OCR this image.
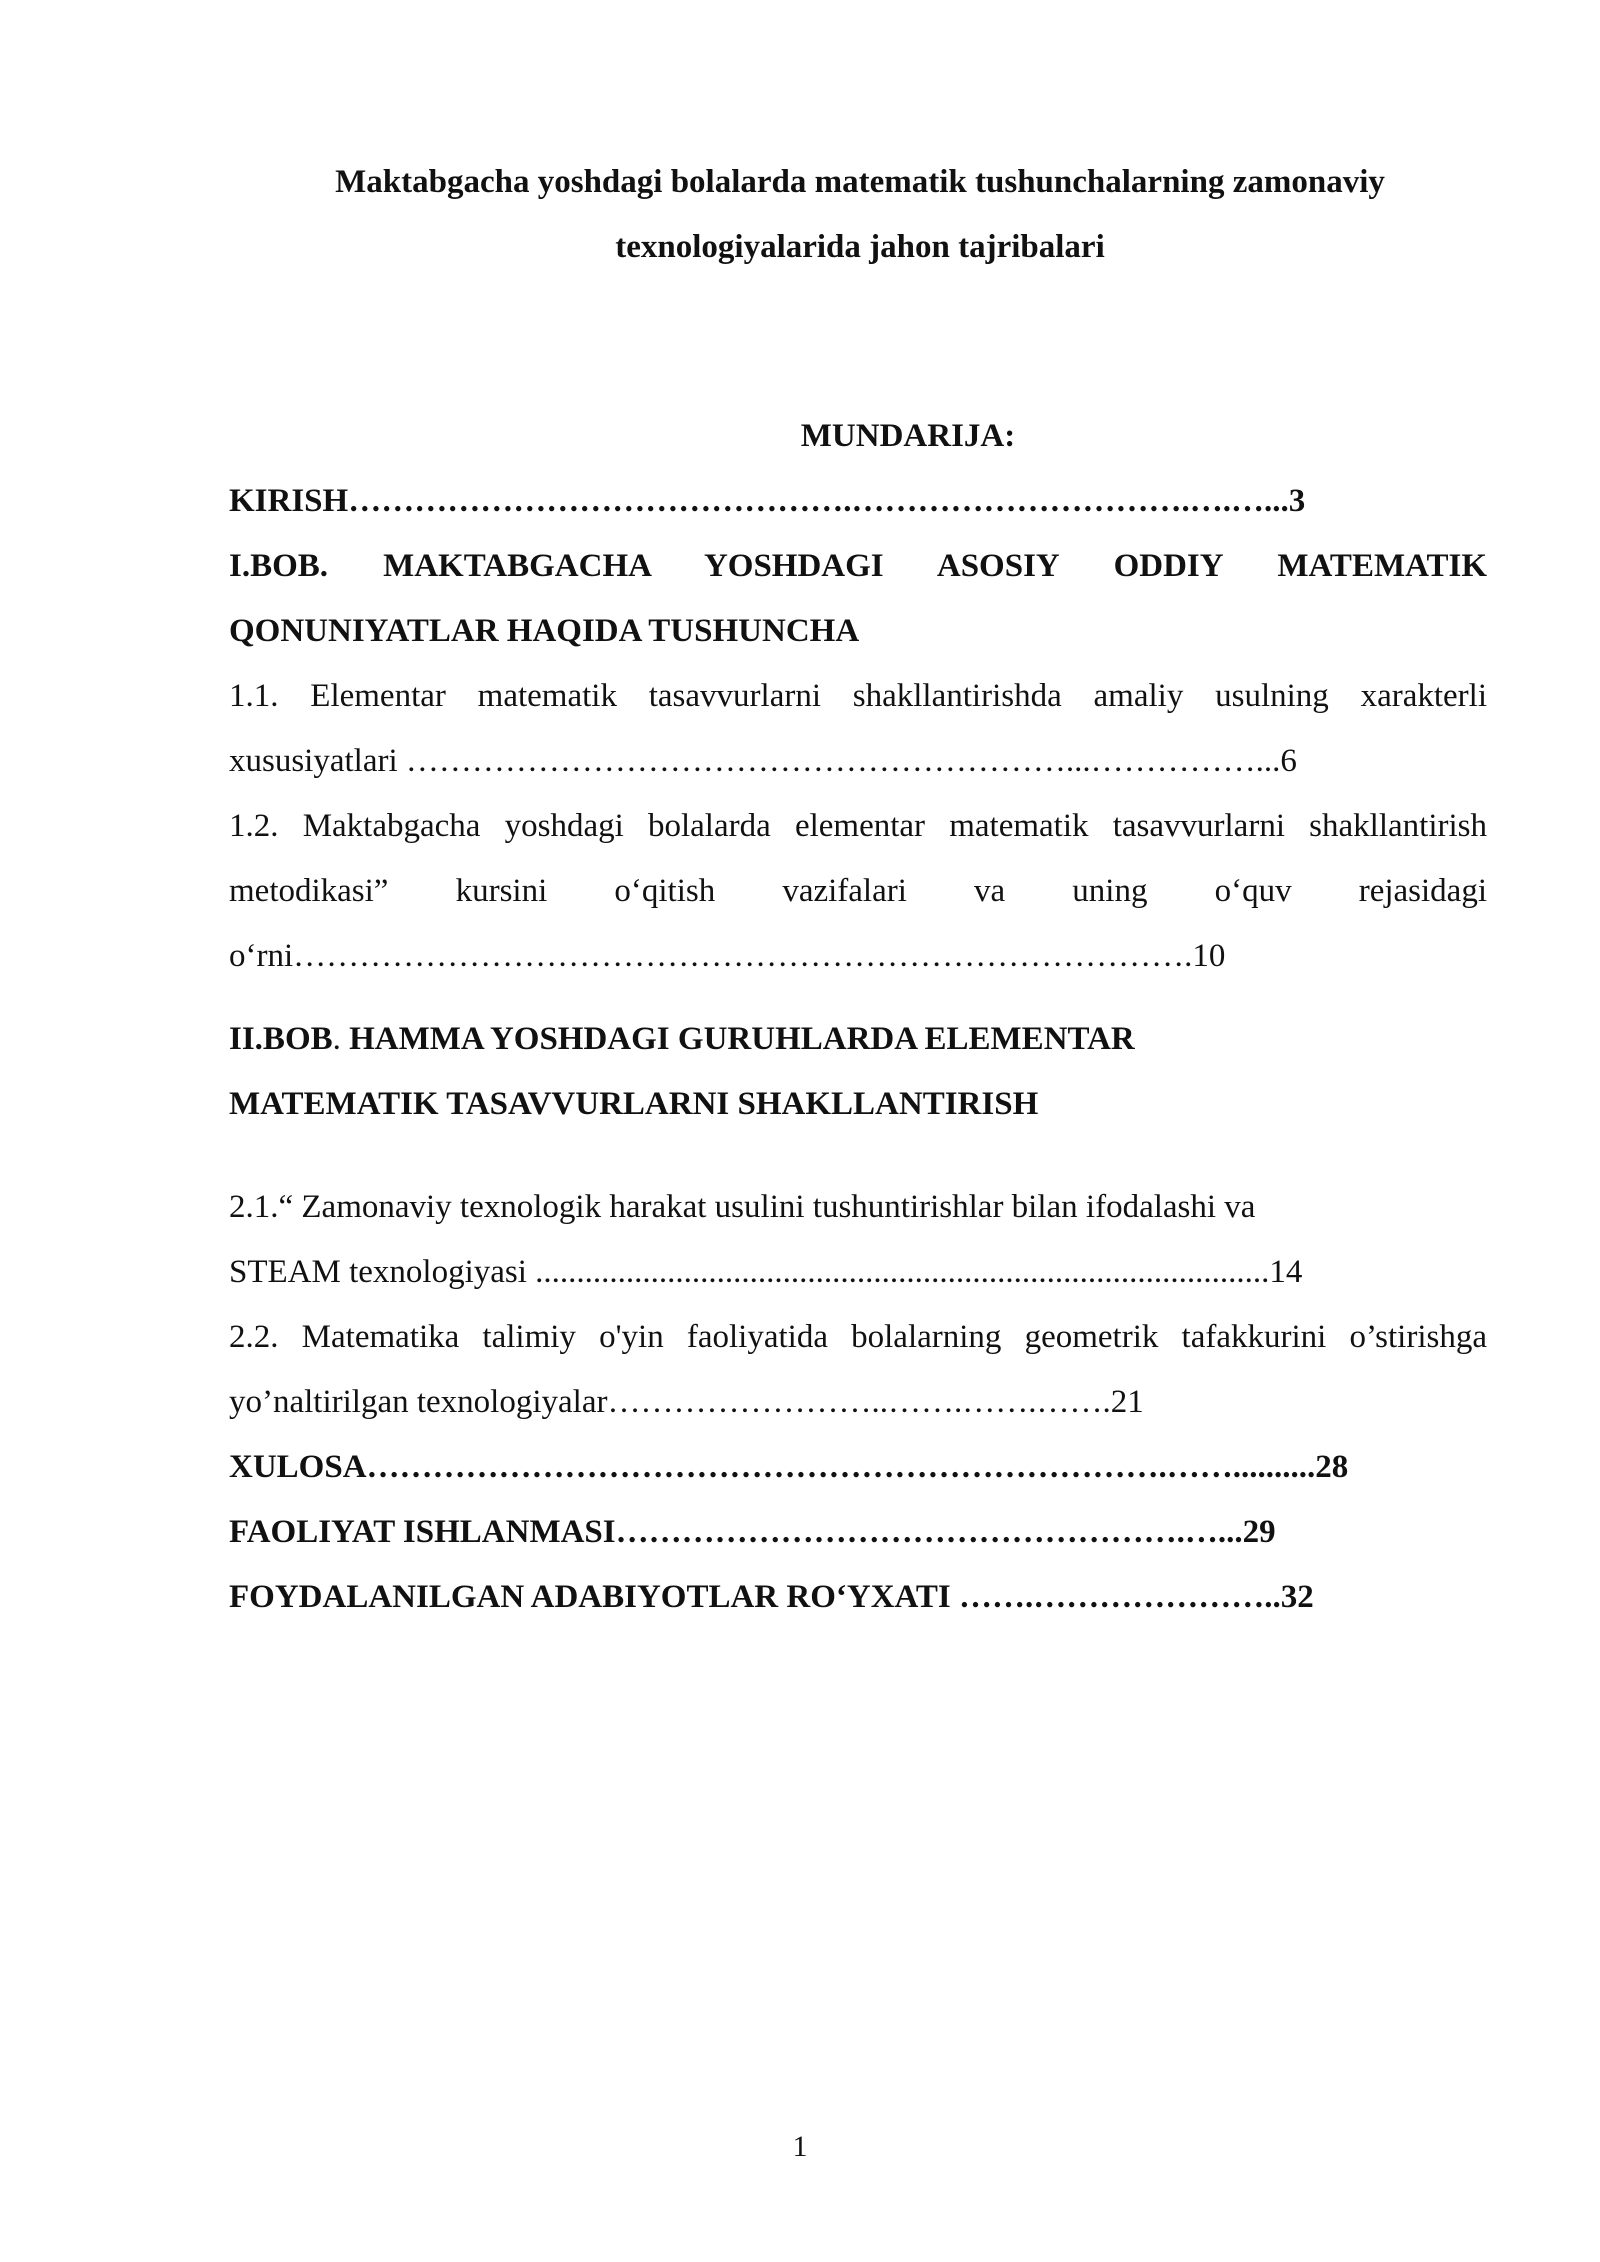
Maktabgacha yoshdagi bolalarda matematik tushunchalarning zamonaviy
texnologiyalarida jahon tajribalari
MUNDARIJA:
KIRISH……………………………………….………………………….….…...3
I.BOB. MAKTABGACHA YOSHDAGI ASOSIY ODDIY MATEMATIK QONUNIYATLAR HAQIDA TUSHUNCHA
1.1. Elementar matematik tasavvurlarni shakllantirishda amaliy usulning xarakterli xususiyatlari ……………………………………………………...……………...6
1.2. Maktabgacha yoshdagi bolalarda elementar matematik tasavvurlarni shakllantirish metodikasi” kursini o‘qitish vazifalari va uning o‘quv rejasidagi o‘rni……………………………………………………………………….10
II.BOB. HAMMA YOSHDAGI GURUHLARDA ELEMENTAR
MATEMATIK TASAVVURLARNI SHAKLLANTIRISH
2.1.“ Zamonaviy texnologik harakat usulini tushuntirishlar bilan ifodalashi va
STEAM texnologiyasi .........................................................................................14
2.2. Matematika talimiy o'yin faoliyatida bolalarning geometrik tafakkurini o’stirishga yo’naltirilgan texnologiyalar……………………..…….…….…….21
XULOSA……………………………………………………………….……..........28
FAOLIYAT ISHLANMASI…………………………………………….…...29
FOYDALANILGAN ADABIYOTLAR RO‘YXATI …….…………………..32
1
